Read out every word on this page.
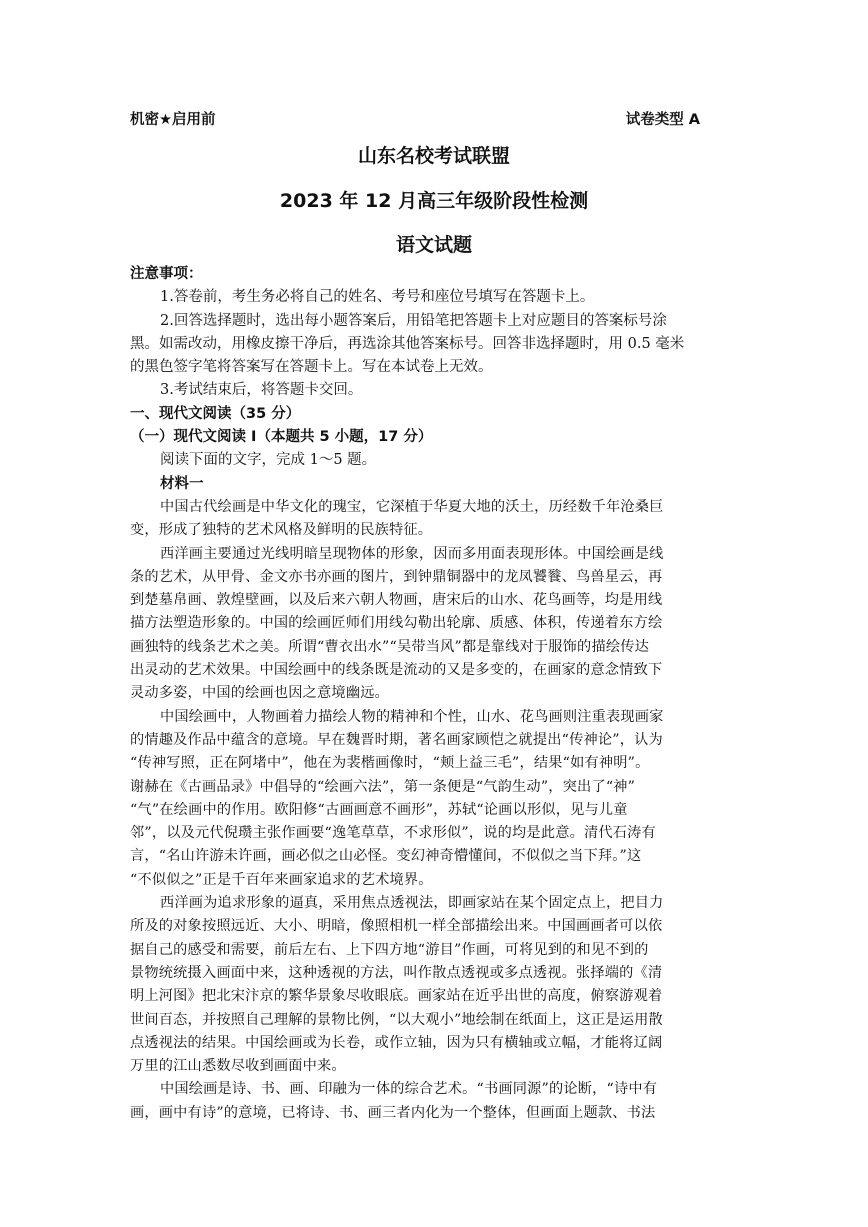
机密★启用前	试卷类型 A
山东名校考试联盟
2023 年 12 月高三年级阶段性检测
语文试题
注意事项：
1.答卷前，考生务必将自己的姓名、考号和座位号填写在答题卡上。
2.回答选择题时，选出每小题答案后，用铅笔把答题卡上对应题目的答案标号涂
黑。如需改动，用橡皮擦干净后，再选涂其他答案标号。回答非选择题时，用 0.5 毫米
的黑色签字笔将答案写在答题卡上。写在本试卷上无效。
3.考试结束后，将答题卡交回。
一、现代文阅读（35 分）
（一）现代文阅读 I（本题共 5 小题，17 分）
阅读下面的文字，完成 1～5 题。
材料一
中国古代绘画是中华文化的瑰宝，它深植于华夏大地的沃土，历经数千年沧桑巨
变，形成了独特的艺术风格及鲜明的民族特征。
西洋画主要通过光线明暗呈现物体的形象，因而多用面表现形体。中国绘画是线
条的艺术，从甲骨、金文亦书亦画的图片，到钟鼎铜器中的龙凤饕餮、鸟兽星云，再
到楚墓帛画、敦煌壁画，以及后来六朝人物画，唐宋后的山水、花鸟画等，均是用线
描方法塑造形象的。中国的绘画匠师们用线勾勒出轮廓、质感、体积，传递着东方绘
画独特的线条艺术之美。所谓“曹衣出水”“吴带当风”都是靠线对于服饰的描绘传达
出灵动的艺术效果。中国绘画中的线条既是流动的又是多变的，在画家的意念情致下
灵动多姿，中国的绘画也因之意境幽远。
中国绘画中，人物画着力描绘人物的精神和个性，山水、花鸟画则注重表现画家
的情趣及作品中蕴含的意境。早在魏晋时期，著名画家顾恺之就提出“传神论”，认为
“传神写照，正在阿堵中”，他在为裴楷画像时，“颊上益三毛”，结果“如有神明”。
谢赫在《古画品录》中倡导的“绘画六法”，第一条便是“气韵生动”，突出了“神”
“气”在绘画中的作用。欧阳修“古画画意不画形”，苏轼“论画以形似，见与儿童
邻”，以及元代倪瓒主张作画要“逸笔草草，不求形似”，说的均是此意。清代石涛有
言，“名山许游未许画，画必似之山必怪。变幻神奇懵懂间，不似似之当下拜。”这
“不似似之”正是千百年来画家追求的艺术境界。
西洋画为追求形象的逼真，采用焦点透视法，即画家站在某个固定点上，把目力
所及的对象按照远近、大小、明暗，像照相机一样全部描绘出来。中国画画者可以依
据自己的感受和需要，前后左右、上下四方地“游目”作画，可将见到的和见不到的
景物统统摄入画面中来，这种透视的方法，叫作散点透视或多点透视。张择端的《清
明上河图》把北宋汴京的繁华景象尽收眼底。画家站在近乎出世的高度，俯察游观着
世间百态，并按照自己理解的景物比例，“以大观小”地绘制在纸面上，这正是运用散
点透视法的结果。中国绘画或为长卷，或作立轴，因为只有横轴或立幅，才能将辽阔
万里的江山悉数尽收到画面中来。
中国绘画是诗、书、画、印融为一体的综合艺术。“书画同源”的论断，“诗中有
画，画中有诗”的意境，已将诗、书、画三者内化为一个整体，但画面上题款、书法
